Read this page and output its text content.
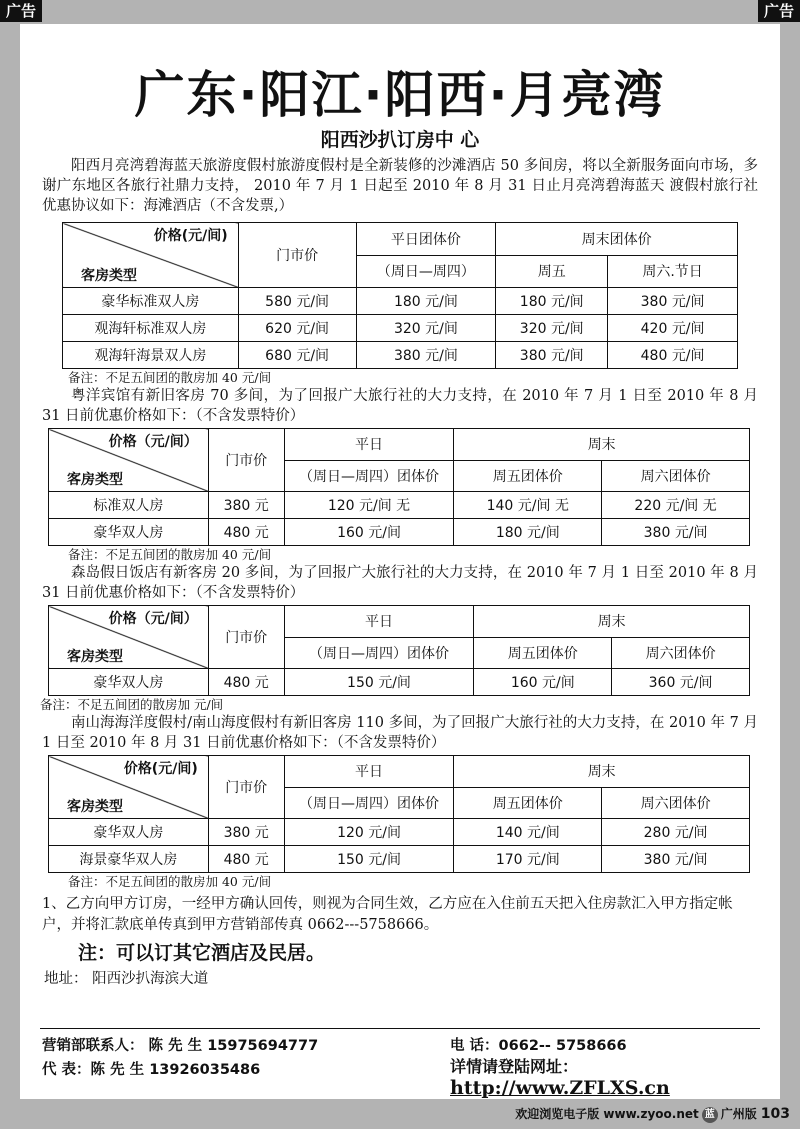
广告	广告
广东·阳江·阳西·月亮湾
阳西沙扒订房中 心

阳西月亮湾碧海蓝天旅游度假村旅游度假村是全新装修的沙滩酒店 50 多间房，将以全新服务面向市场，多谢广东地区各旅行社鼎力支持， 2010 年 7 月 1 日起至 2010 年 8 月 31 日止月亮湾碧海蓝天 渡假村旅行社优惠协议如下：海滩酒店（不含发票,）

价格(元/间)
客房类型	门市价	平日团体价	周末团体价	
		（周日—周四）	周五	周六.节日
豪华标准双人房	580 元/间	180 元/间	180 元/间	380 元/间
观海轩标准双人房	620 元/间	320 元/间	320 元/间	420 元/间
观海轩海景双人房	680 元/间	380 元/间	380 元/间	480 元/间
备注：不足五间团的散房加 40 元/间

粤洋宾馆有新旧客房 70 多间，为了回报广大旅行社的大力支持，在 2010 年 7 月 1 日至 2010 年 8 月 31 日前优惠价格如下：（不含发票特价）

价格（元/间）
客房类型	门市价	平日	周末	
		（周日—周四）团体价	周五团体价	周六团体价
标准双人房	380 元	120 元/间 无	140 元/间 无	220 元/间 无
豪华双人房	480 元	160 元/间	180 元/间	380 元/间
备注：不足五间团的散房加 40 元/间

森岛假日饭店有新客房 20 多间，为了回报广大旅行社的大力支持，在 2010 年 7 月 1 日至 2010 年 8 月 31 日前优惠价格如下：（不含发票特价）

价格（元/间）
客房类型	门市价	平日	周末	
		（周日—周四）团体价	周五团体价	周六团体价
豪华双人房	480 元	150 元/间	160 元/间	360 元/间
备注：不足五间团的散房加 元/间

南山海海洋度假村/南山海度假村有新旧客房 110 多间，为了回报广大旅行社的大力支持，在 2010 年 7 月 1 日至 2010 年 8 月 31 日前优惠价格如下：（不含发票特价）

价格(元/间)
客房类型	门市价	平日	周末	
		（周日—周四）团体价	周五团体价	周六团体价
豪华双人房	380 元	120 元/间	140 元/间	280 元/间
海景豪华双人房	480 元	150 元/间	170 元/间	380 元/间
备注：不足五间团的散房加 40 元/间
1、乙方向甲方订房，一经甲方确认回传，则视为合同生效，乙方应在入住前五天把入住房款汇入甲方指定帐户，并将汇款底单传真到甲方营销部传真 0662---5758666。
注：可以订其它酒店及民居。
地址： 阳西沙扒海滨大道
营销部联系人： 陈 先 生 15975694777	电 话：0662-- 5758666
代 表：陈 先 生 13926035486	详情请登陆网址：http://www.ZFLXS.cn
欢迎浏览电子版 www.zyoo.net 蓝 广州版 103
